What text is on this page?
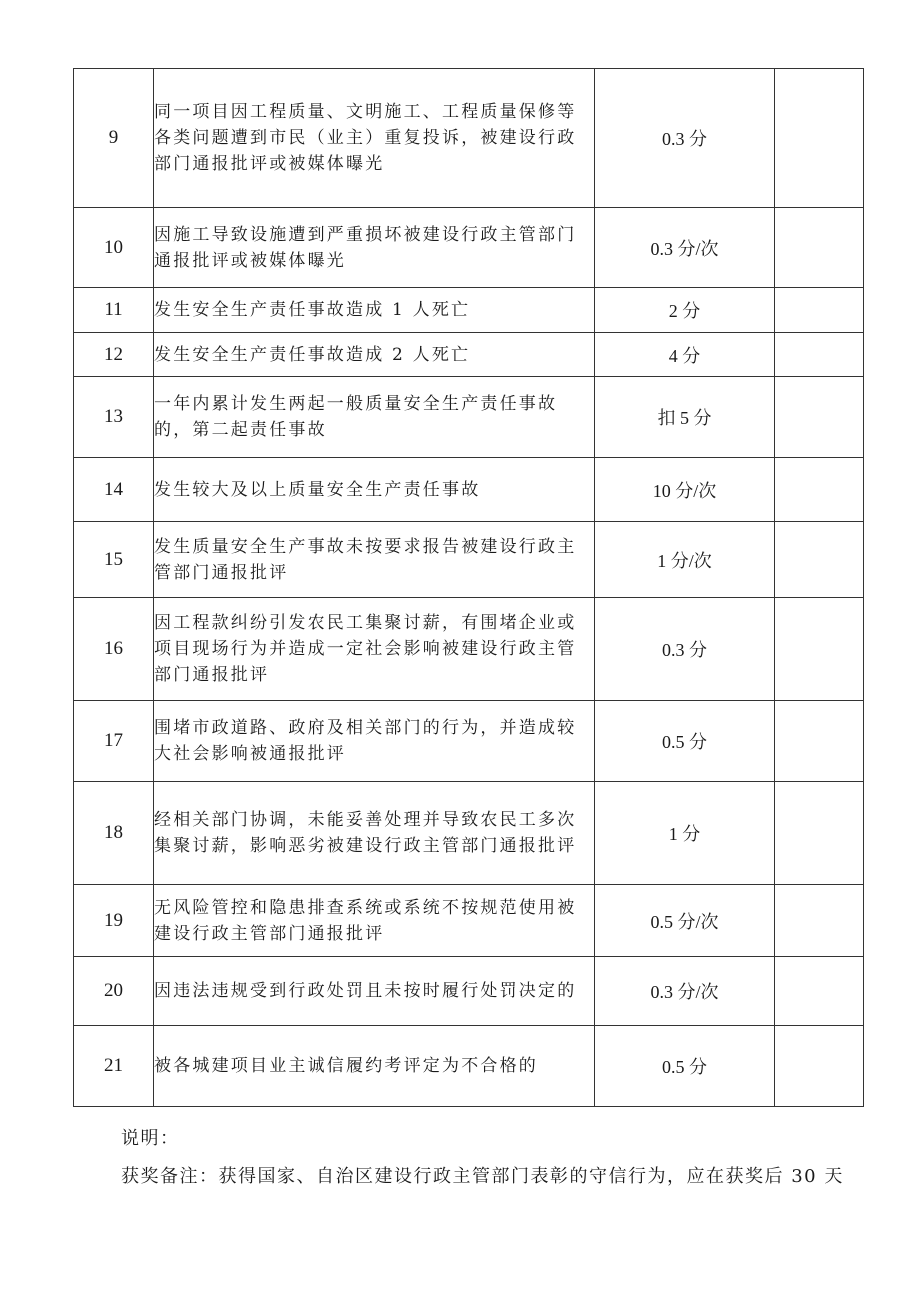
9	同一项目因工程质量、文明施工、工程质量保修等各类问题遭到市民（业主）重复投诉，被建设行政部门通报批评或被媒体曝光	0.3 分	
10	因施工导致设施遭到严重损坏被建设行政主管部门通报批评或被媒体曝光	0.3 分/次	
11	发生安全生产责任事故造成 1 人死亡	2 分	
12	发生安全生产责任事故造成 2 人死亡	4 分	
13	一年内累计发生两起一般质量安全生产责任事故的，第二起责任事故	扣 5 分	
14	发生较大及以上质量安全生产责任事故	10 分/次	
15	发生质量安全生产事故未按要求报告被建设行政主管部门通报批评	1 分/次	
16	因工程款纠纷引发农民工集聚讨薪，有围堵企业或项目现场行为并造成一定社会影响被建设行政主管部门通报批评	0.3 分	
17	围堵市政道路、政府及相关部门的行为，并造成较大社会影响被通报批评	0.5 分	
18	经相关部门协调，未能妥善处理并导致农民工多次集聚讨薪，影响恶劣被建设行政主管部门通报批评	1 分	
19	无风险管控和隐患排查系统或系统不按规范使用被建设行政主管部门通报批评	0.5 分/次	
20	因违法违规受到行政处罚且未按时履行处罚决定的	0.3 分/次	
21	被各城建项目业主诚信履约考评定为不合格的	0.5 分	
说明：
获奖备注：获得国家、自治区建设行政主管部门表彰的守信行为，应在获奖后 30 天
